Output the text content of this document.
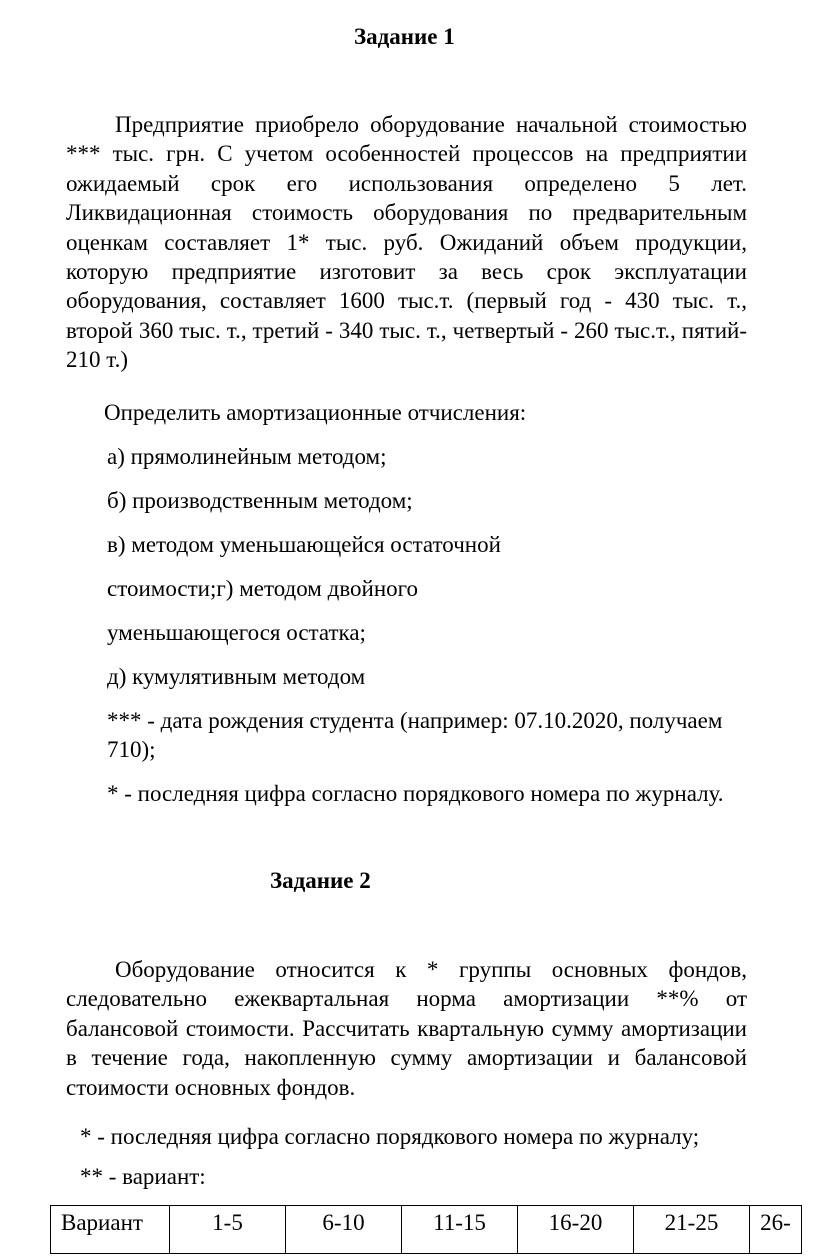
Задание 1

Предприятие приобрело оборудование начальной стоимостью *** тыс. грн. С учетом особенностей процессов на предприятии ожидаемый срок его использования определено 5 лет. Ликвидационная стоимость оборудования по предварительным оценкам составляет 1* тыс. руб. Ожиданий объем продукции, которую предприятие изготовит за весь срок эксплуатации оборудования, составляет 1600 тыс.т. (первый год - 430 тыс. т., второй 360 тыс. т., третий - 340 тыс. т., четвертый - 260 тыс.т., пятий- 210 т.)

Определить амортизационные отчисления:

а) прямолинейным методом;

б) производственным методом;

в) методом уменьшающейся остаточной

стоимости;г) методом двойного

уменьшающегося остатка;

д) кумулятивным методом

*** - дата рождения студента (например: 07.10.2020, получаем

710);

* - последняя цифра согласно порядкового номера по журналу.

Задание 2

Оборудование относится к * группы основных фондов, следовательно ежеквартальная норма амортизации **% от балансовой стоимости. Рассчитать квартальную сумму амортизации в течение года, накопленную сумму амортизации и балансовой стоимости основных фондов.

* - последняя цифра согласно порядкового номера по журналу;

** - вариант:

Вариант	1-5	6-10	11-15	16-20	21-25	26-
